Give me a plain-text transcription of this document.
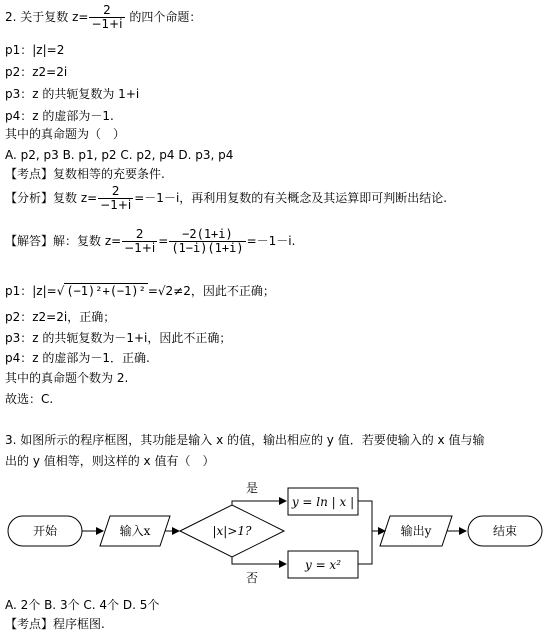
2. 关于复数 $z= \frac{2}{-1+i}$ 的四个命题：
p1：|z|=2
p2：z2=2i
p3：z 的共轭复数为 1+i
p4：z 的虚部为－1.
其中的真命题为（　）
A. p2, p3 B. p1, p2 C. p2, p4 D. p3, p4
【考点】复数相等的充要条件.
【分析】复数 $z= \frac{2}{-1+i} =-1-i$，再利用复数的有关概念及其运算即可判断出结论.
【解答】解：复数 $z= \frac{2}{-1+i} = \frac{-2(1+i)}{(1-i)(1+i)} =-1-i$.
p1：|z|=√ (−1)²+(−1)² =√2≠2，因此不正确；
p2：z2=2i，正确；
p3：z 的共轭复数为－1+i，因此不正确；
p4：z 的虚部为－1．正确.
其中的真命题个数为 2.
故选：C.
3. 如图所示的程序框图，其功能是输入 x 的值，输出相应的 y 值．若要使输入的 x 值与输
出的 y 值相等，则这样的 x 值有（　）
开始	输入x	|x|>1?
是
否
y = ln | x |
y = x²
输出y	结束
A. 2个 B. 3个 C. 4个 D. 5个
【考点】程序框图.
